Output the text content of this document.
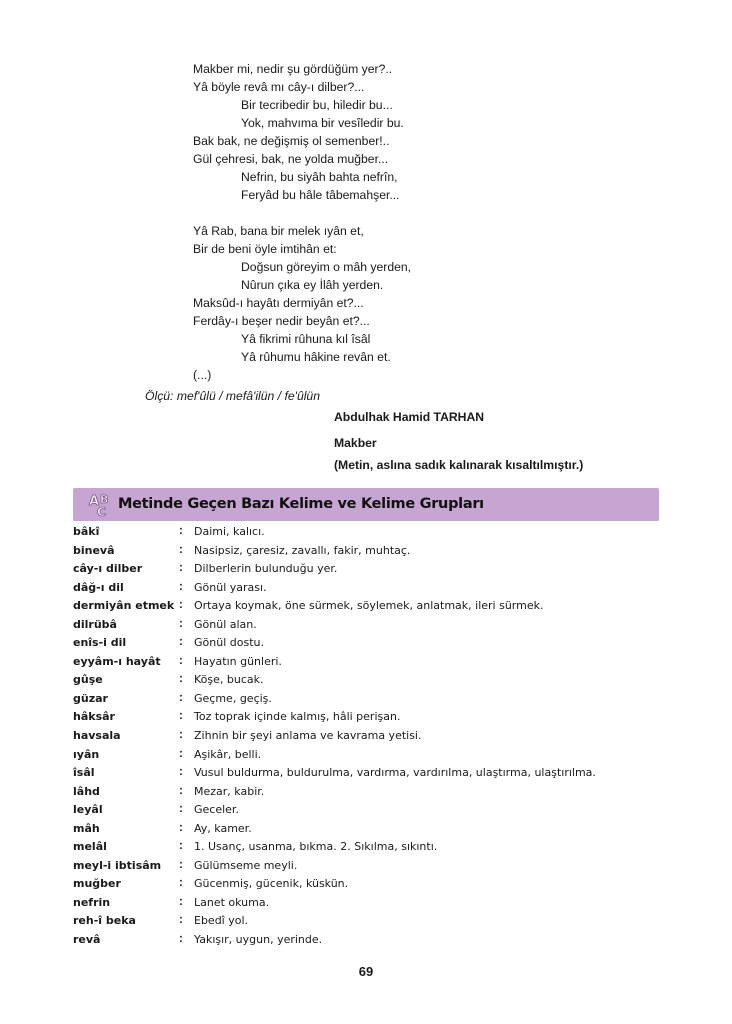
Makber mi, nedir şu gördüğüm yer?..
Yâ böyle revâ mı cây-ı dilber?...
Bir tecribedir bu, hiledir bu...
Yok, mahvıma bir vesîledir bu.
Bak bak, ne değişmiş ol semenber!..
Gül çehresi, bak, ne yolda muğber...
Nefrin, bu siyâh bahta nefrîn,
Feryâd bu hâle tâbemahşer...
Yâ Rab, bana bir melek ıyân et,
Bir de beni öyle imtihân et:
Doğsun göreyim o mâh yerden,
Nûrun çıka ey İlâh yerden.
Maksûd-ı hayâtı dermiyân et?...
Ferdây-ı beşer nedir beyân et?...
Yâ fikrimi rûhuna kıl îsâl
Yâ rûhumu hâkine revân et.
(...)
Ölçü: mef'ûlü / mefâ'ilün / fe'ûlün
Abdulhak Hamid TARHAN
Makber
(Metin, aslına sadık kalınarak kısaltılmıştır.)
A B
C Metinde Geçen Bazı Kelime ve Kelime Grupları
bâkî	: Daimi, kalıcı.
binevâ	: Nasipsiz, çaresiz, zavallı, fakir, muhtaç.
cây-ı dilber	: Dilberlerin bulunduğu yer.
dâğ-ı dil	: Gönül yarası.
dermiyân etmek : Ortaya koymak, öne sürmek, söylemek, anlatmak, ileri sürmek.
dilrübâ	: Gönül alan.
enîs-i dil	: Gönül dostu.
eyyâm-ı hayât : Hayatın günleri.
gûşe	: Köşe, bucak.
güzar	: Geçme, geçiş.
hâksâr	: Toz toprak içinde kalmış, hâli perişan.
havsala	: Zihnin bir şeyi anlama ve kavrama yetisi.
ıyân	: Aşikâr, belli.
îsâl	: Vusul buldurma, buldurulma, vardırma, vardırılma, ulaştırma, ulaştırılma.
lâhd	: Mezar, kabir.
leyâl	: Geceler.
mâh	: Ay, kamer.
melâl	: 1. Usanç, usanma, bıkma. 2. Sıkılma, sıkıntı.
meyl-i ibtisâm : Gülümseme meyli.
muğber	: Gücenmiş, gücenik, küskün.
nefrin	: Lanet okuma.
reh-î beka	: Ebedî yol.
revâ	: Yakışır, uygun, yerinde.
69
